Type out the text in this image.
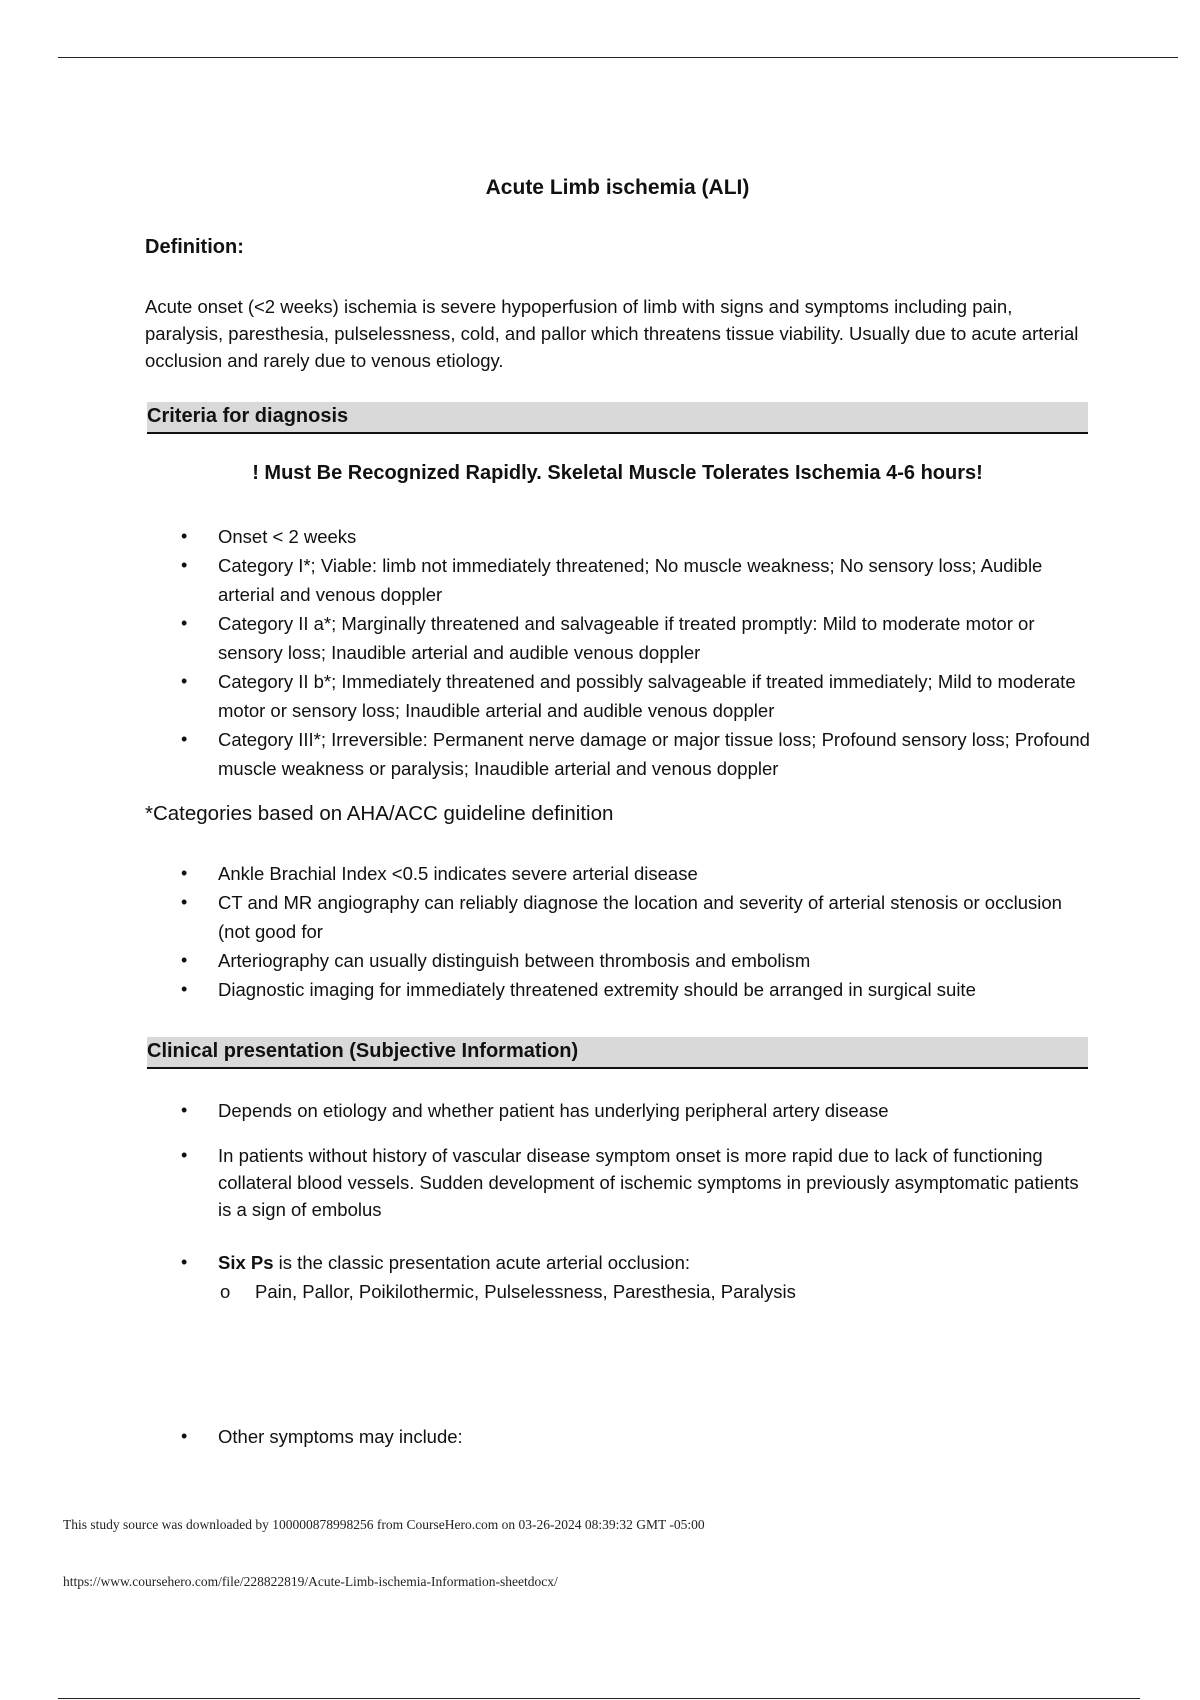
Acute Limb ischemia (ALI)
Definition:
Acute onset (<2 weeks) ischemia is severe hypoperfusion of limb with signs and symptoms including pain, paralysis, paresthesia, pulselessness, cold, and pallor which threatens tissue viability. Usually due to acute arterial occlusion and rarely due to venous etiology.
Criteria for diagnosis
! Must Be Recognized Rapidly. Skeletal Muscle Tolerates Ischemia 4-6 hours!
• Onset < 2 weeks
• Category I*; Viable: limb not immediately threatened; No muscle weakness; No sensory loss; Audible arterial and venous doppler
• Category II a*; Marginally threatened and salvageable if treated promptly: Mild to moderate motor or sensory loss; Inaudible arterial and audible venous doppler
• Category II b*; Immediately threatened and possibly salvageable if treated immediately; Mild to moderate motor or sensory loss; Inaudible arterial and audible venous doppler
• Category III*; Irreversible: Permanent nerve damage or major tissue loss; Profound sensory loss; Profound muscle weakness or paralysis; Inaudible arterial and venous doppler
*Categories based on AHA/ACC guideline definition
• Ankle Brachial Index <0.5 indicates severe arterial disease
• CT and MR angiography can reliably diagnose the location and severity of arterial stenosis or occlusion (not good for
• Arteriography can usually distinguish between thrombosis and embolism
• Diagnostic imaging for immediately threatened extremity should be arranged in surgical suite
Clinical presentation (Subjective Information)
• Depends on etiology and whether patient has underlying peripheral artery disease
• In patients without history of vascular disease symptom onset is more rapid due to lack of functioning collateral blood vessels. Sudden development of ischemic symptoms in previously asymptomatic patients is a sign of embolus
• Six Ps is the classic presentation acute arterial occlusion:
o Pain, Pallor, Poikilothermic, Pulselessness, Paresthesia, Paralysis
• Other symptoms may include:
This study source was downloaded by 100000878998256 from CourseHero.com on 03-26-2024 08:39:32 GMT -05:00
https://www.coursehero.com/file/228822819/Acute-Limb-ischemia-Information-sheetdocx/
